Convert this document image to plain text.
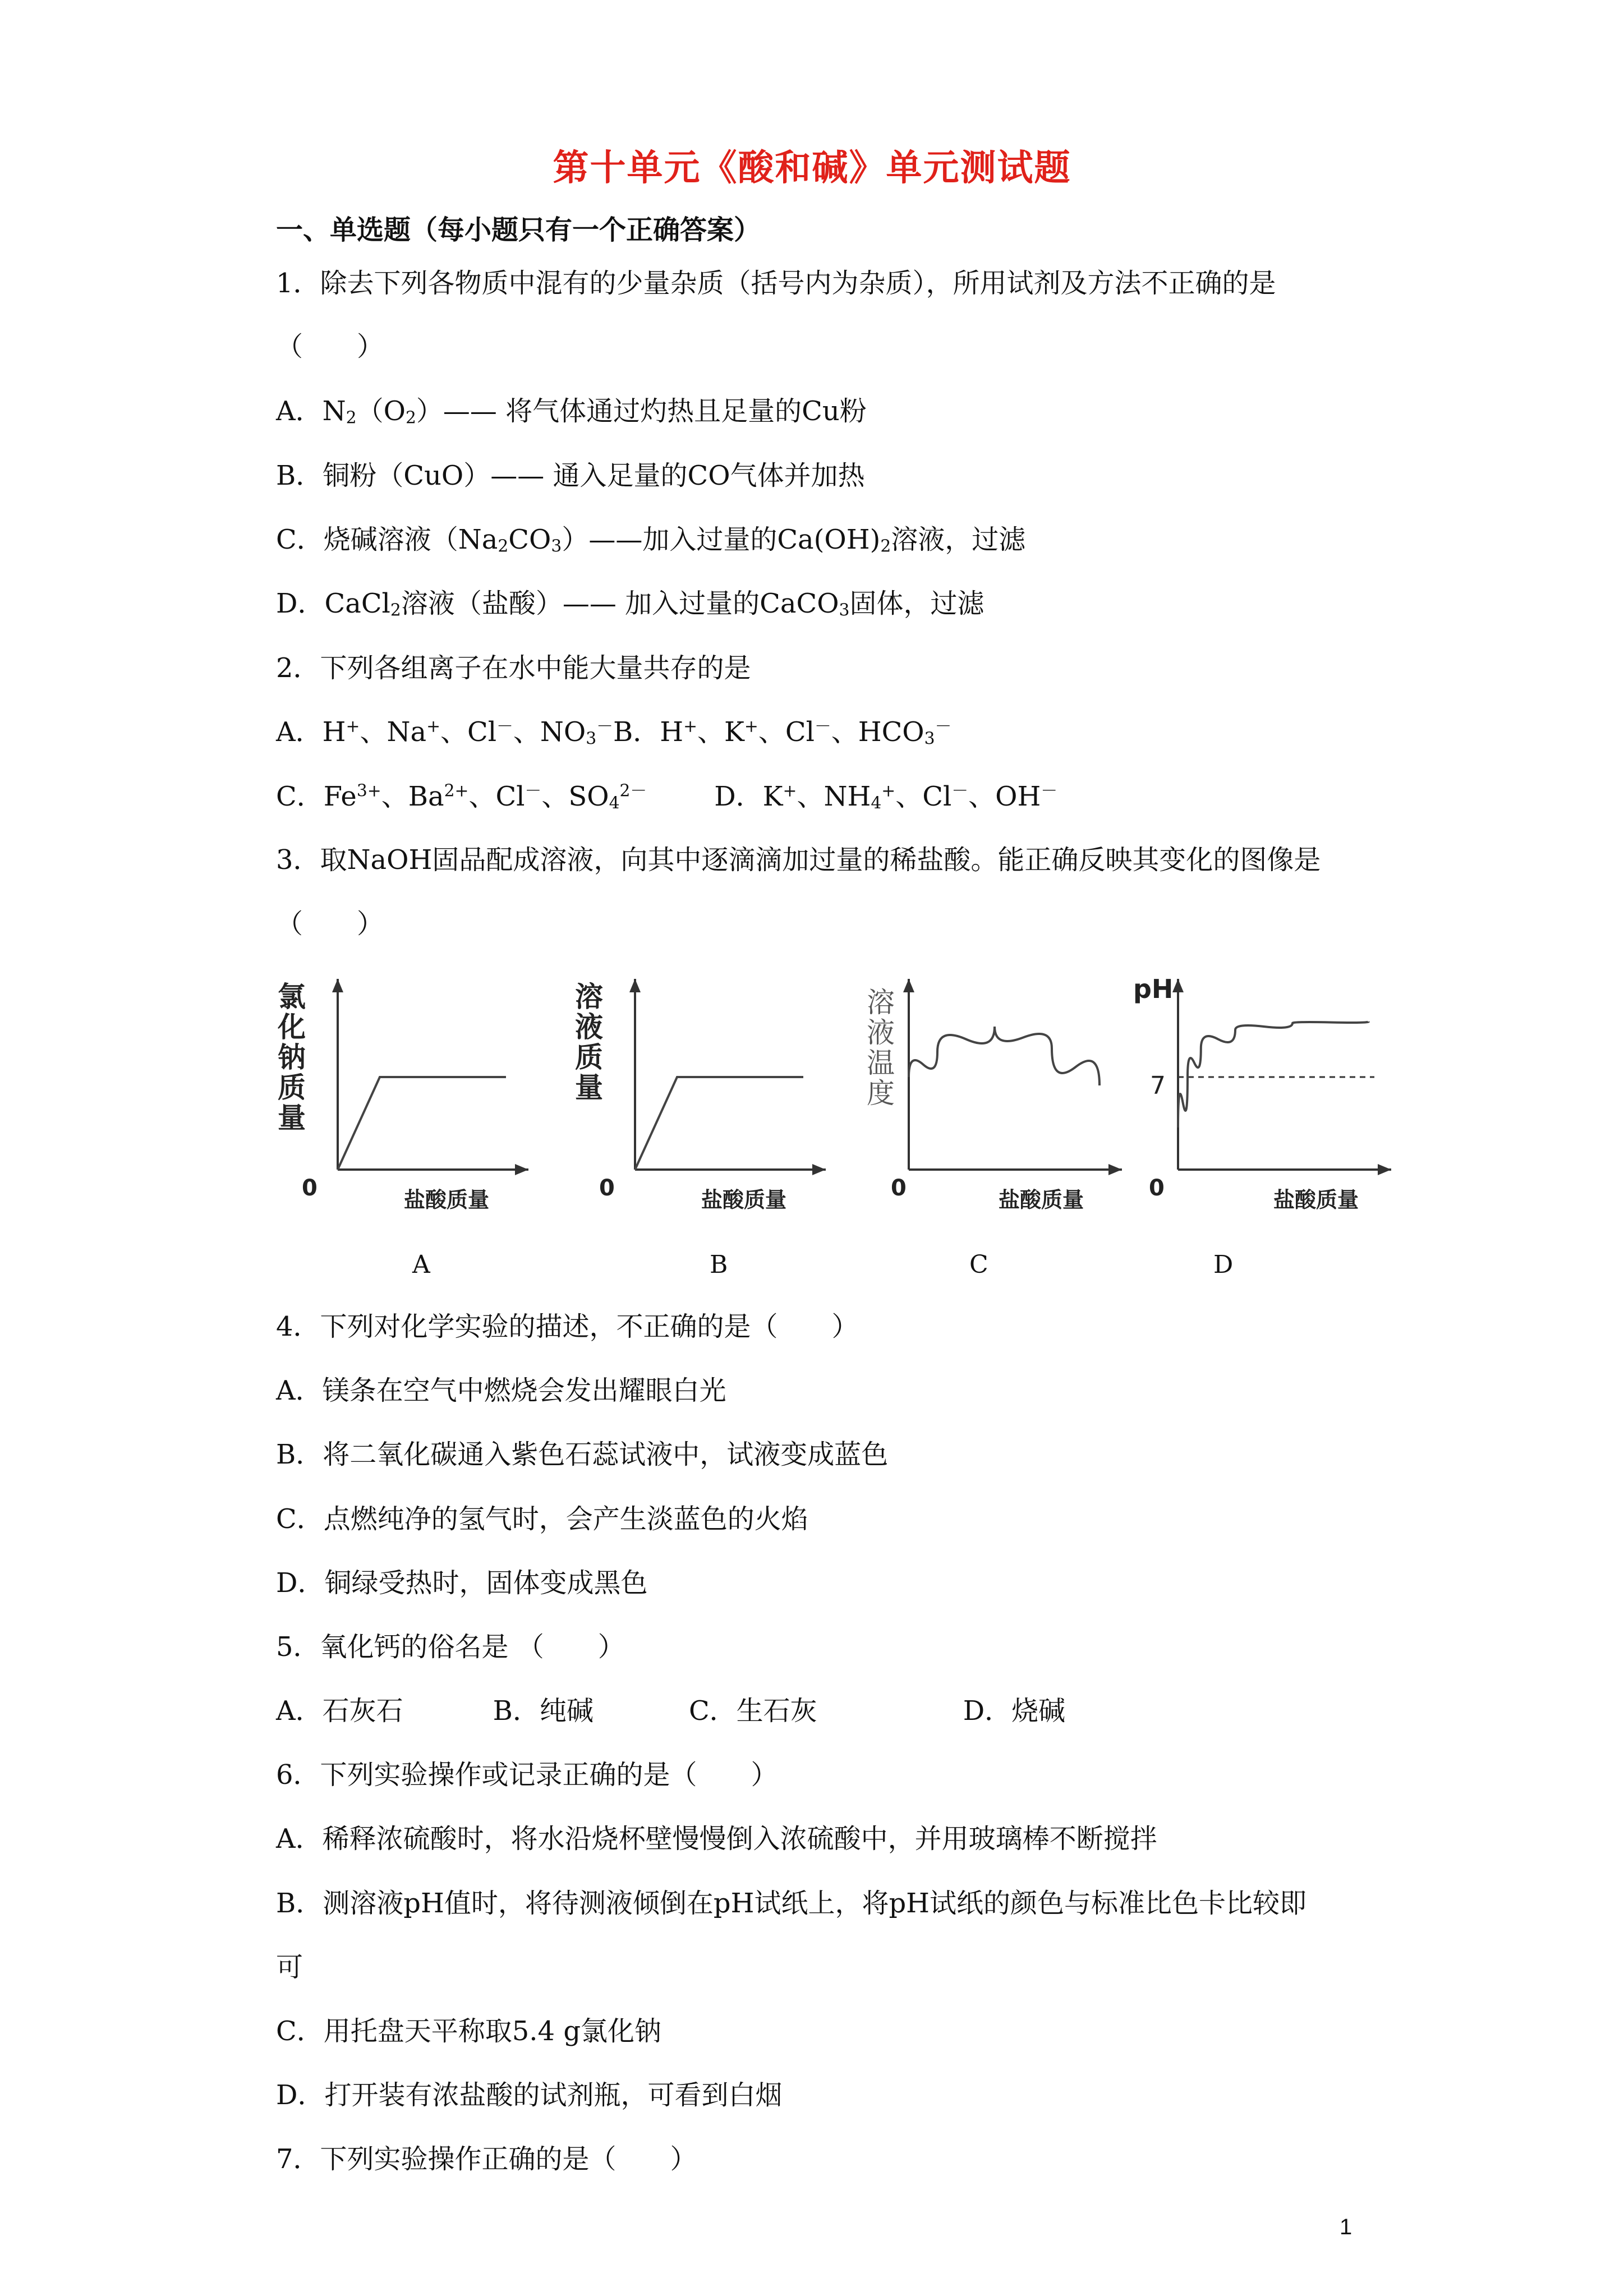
第十单元《酸和碱》单元测试题
一、单选题（每小题只有一个正确答案）
1．除去下列各物质中混有的少量杂质（括号内为杂质），所用试剂及方法不正确的是
（　　）
A．$N_2(O_2)——$ 将气体通过灼热且足量的Cu粉
B．铜粉（CuO）—— 通入足量的CO气体并加热
C．烧碱溶液$(Na_2CO_3)——$加入过量的$Ca(OH)_2$溶液，过滤
D．CaCl$_2$溶液（盐酸）—— 加入过量的CaCO$_3$固体，过滤
2．下列各组离子在水中能大量共存的是
A．H+、Na+、Cl－、$NO_3^-B$．H+、K+、Cl－、$HCO_3^-$
C．$Fe^{3+}$、$Ba^{2+}$、Cl－、$SO_4^{2-}$	D．K+、$NH_4^+$、Cl－、OH－
3．取NaOH固品配成溶液，向其中逐滴滴加过量的稀盐酸。能正确反映其变化的图像是
（　　）
氯化钠质量
0	盐酸质量
溶液质量
0	盐酸质量
溶液温度
0	盐酸质量
pH
0
7
盐酸质量
A	B	C	D
4．下列对化学实验的描述，不正确的是（　　）
A．镁条在空气中燃烧会发出耀眼白光
B．将二氧化碳通入紫色石蕊试液中，试液变成蓝色
C．点燃纯净的氢气时，会产生淡蓝色的火焰
D．铜绿受热时，固体变成黑色
5．氧化钙的俗名是 （　　）
A．石灰石	B．纯碱	C．生石灰	D．烧碱
6．下列实验操作或记录正确的是（　　）
A．稀释浓硫酸时，将水沿烧杯壁慢慢倒入浓硫酸中，并用玻璃棒不断搅拌
B．测溶液pH值时，将待测液倾倒在pH试纸上，将pH试纸的颜色与标准比色卡比较即
可
C．用托盘天平称取5.4 g氯化钠
D．打开装有浓盐酸的试剂瓶，可看到白烟
7．下列实验操作正确的是（　　）
1
